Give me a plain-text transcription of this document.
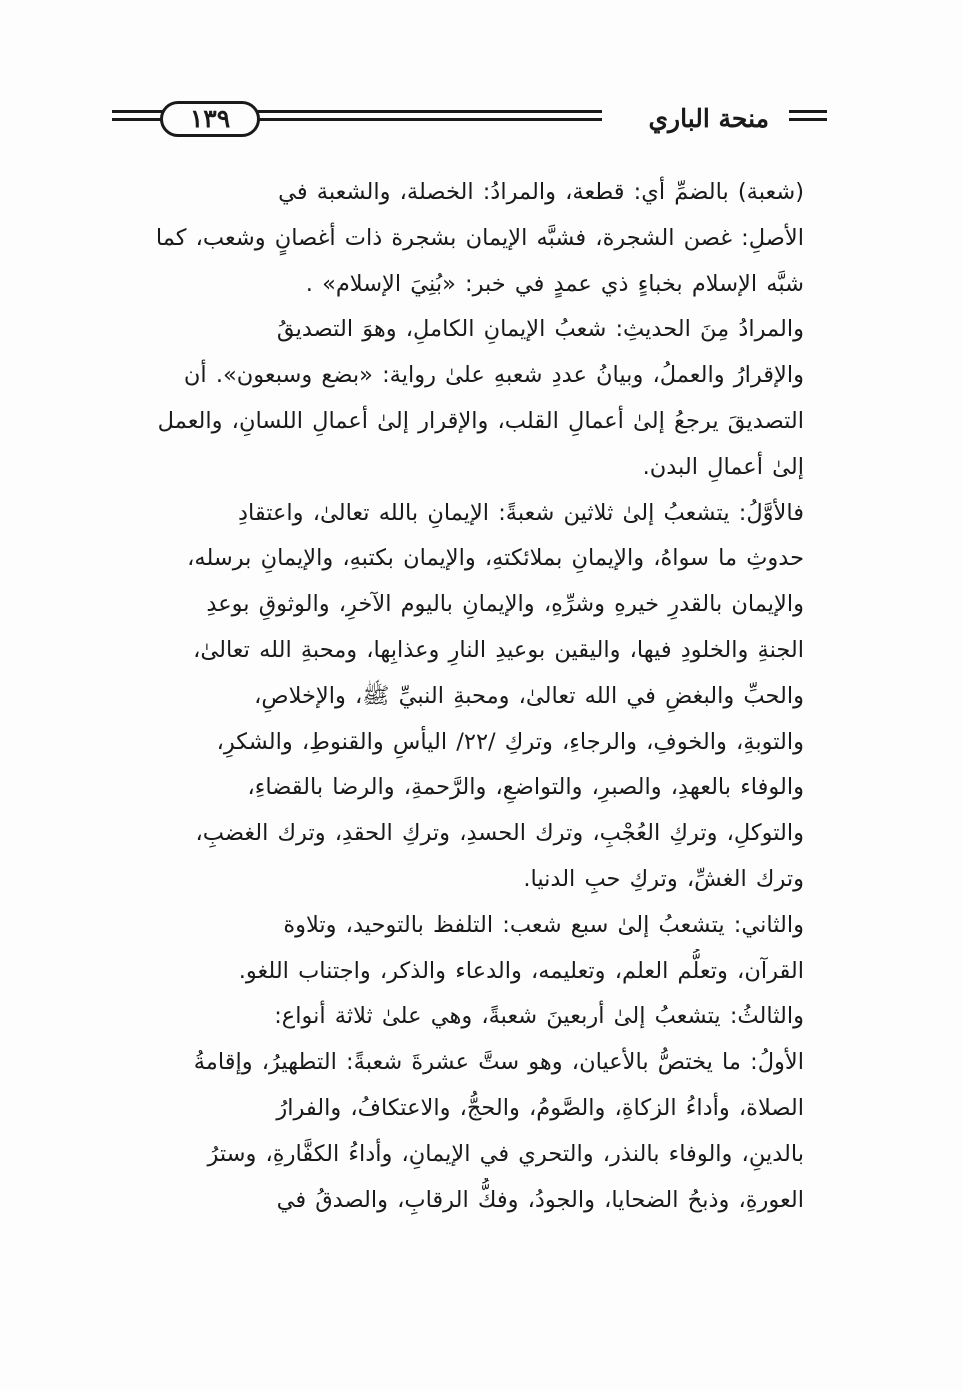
منحة الباري
١٣٩

(شعبة) بالضمِّ أي: قطعة، والمرادُ: الخصلة، والشعبة في
الأصلِ: غصن الشجرة، فشبَّه الإيمان بشجرة ذات أغصانٍ وشعب، كما
شبَّه الإسلام بخباءٍ ذي عمدٍ في خبر: «بُنِيَ الإسلام» .

والمرادُ مِنَ الحديثِ: شعبُ الإيمانِ الكاملِ، وهوَ التصديقُ
والإقرارُ والعملُ، وبيانُ عددِ شعبهِ علىٰ رواية: «بضع وسبعون». أن
التصديقَ يرجعُ إلىٰ أعمالِ القلب، والإقرار إلىٰ أعمالِ اللسانِ، والعمل
إلىٰ أعمالِ البدن.

فالأوَّلُ: يتشعبُ إلىٰ ثلاثين شعبةً: الإيمانِ بالله تعالىٰ، واعتقادِ
حدوثِ ما سواهُ، والإيمانِ بملائكتهِ، والإيمان بكتبهِ، والإيمانِ برسله،
والإيمان بالقدرِ خيرهِ وشرِّهِ، والإيمانِ باليوم الآخرِ، والوثوقِ بوعدِ
الجنةِ والخلودِ فيها، واليقين بوعيدِ النارِ وعذابِها، ومحبةِ الله تعالىٰ،
والحبِّ والبغضِ في الله تعالىٰ، ومحبةِ النبيِّ ﷺ، والإخلاصِ،
والتوبةِ، والخوفِ، والرجاءِ، وتركِ /٢٢/ اليأسِ والقنوطِ، والشكرِ،
والوفاء بالعهدِ، والصبرِ، والتواضعِ، والرَّحمةِ، والرضا بالقضاءِ،
والتوكلِ، وتركِ العُجْبِ، وترك الحسدِ، وتركِ الحقدِ، وترك الغضبِ،
وترك الغشِّ، وتركِ حبِ الدنيا.

والثاني: يتشعبُ إلىٰ سبع شعب: التلفظ بالتوحيد، وتلاوة
القرآن، وتعلُّم العلم، وتعليمه، والدعاء والذكر، واجتناب اللغو.

والثالثُ: يتشعبُ إلىٰ أربعينَ شعبةً، وهي علىٰ ثلاثة أنواع:
الأولُ: ما يختصُّ بالأعيان، وهو ستَّ عشرةَ شعبةً: التطهيرُ، وإقامةُ
الصلاة، وأداءُ الزكاةِ، والصَّومُ، والحجُّ، والاعتكافُ، والفرارُ
بالدينِ، والوفاء بالنذر، والتحري في الإيمانِ، وأداءُ الكفَّارةِ، وسترُ
العورةِ، وذبحُ الضحايا، والجودُ، وفكُّ الرقابِ، والصدقُ في
